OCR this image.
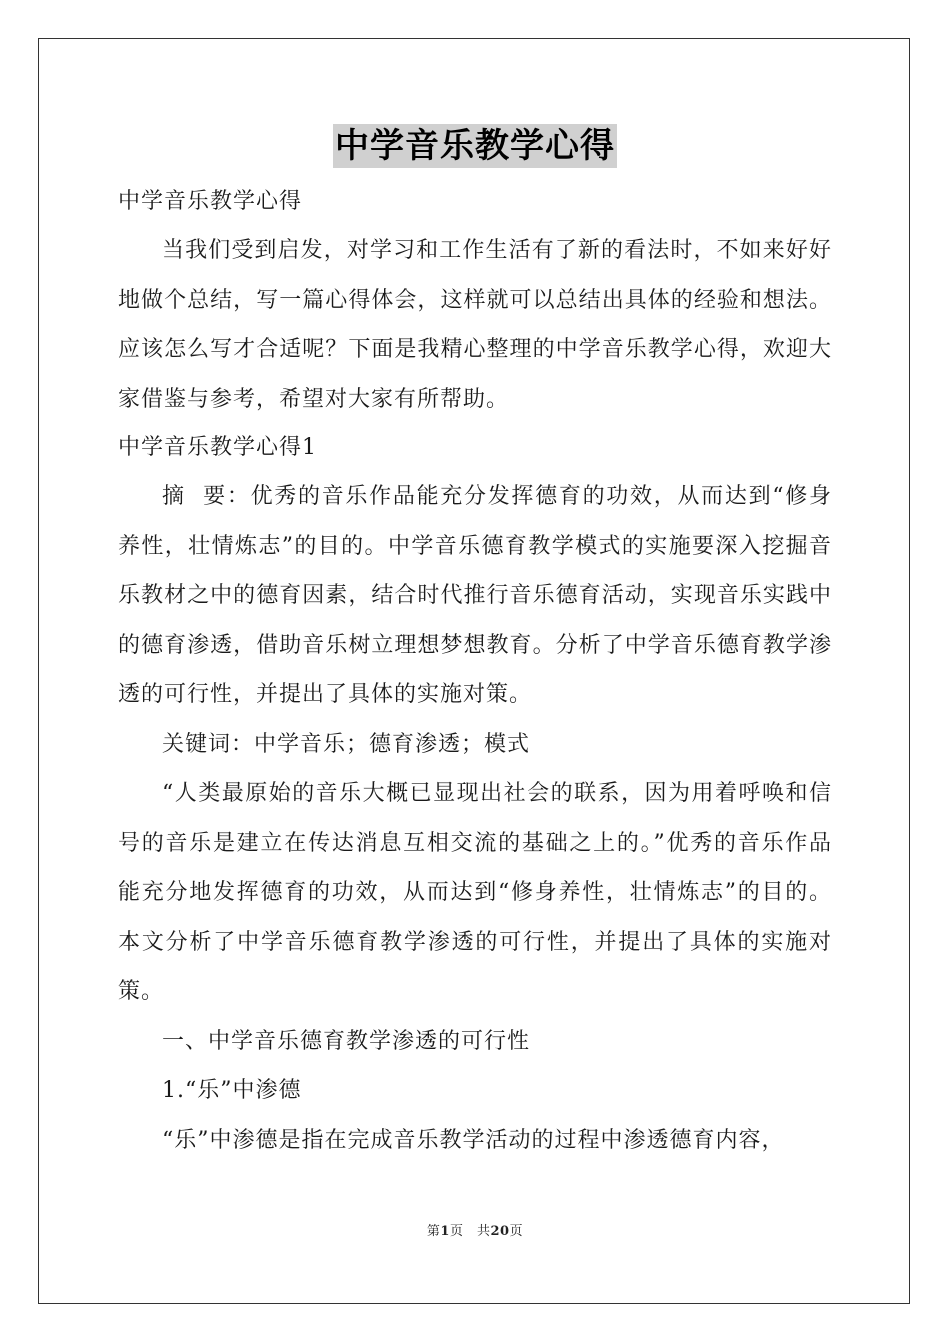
中学音乐教学心得
中学音乐教学心得
当我们受到启发，对学习和工作生活有了新的看法时，不如来好好地做个总结，写一篇心得体会，这样就可以总结出具体的经验和想法。应该怎么写才合适呢？下面是我精心整理的中学音乐教学心得，欢迎大家借鉴与参考，希望对大家有所帮助。
中学音乐教学心得1
摘  要：优秀的音乐作品能充分发挥德育的功效，从而达到“修身养性，壮情炼志”的目的。中学音乐德育教学模式的实施要深入挖掘音乐教材之中的德育因素，结合时代推行音乐德育活动，实现音乐实践中的德育渗透，借助音乐树立理想梦想教育。分析了中学音乐德育教学渗透的可行性，并提出了具体的实施对策。
关键词：中学音乐；德育渗透；模式
“人类最原始的音乐大概已显现出社会的联系，因为用着呼唤和信号的音乐是建立在传达消息互相交流的基础之上的。”优秀的音乐作品能充分地发挥德育的功效，从而达到“修身养性，壮情炼志”的目的。本文分析了中学音乐德育教学渗透的可行性，并提出了具体的实施对策。
一、中学音乐德育教学渗透的可行性
1.“乐”中渗德
“乐”中渗德是指在完成音乐教学活动的过程中渗透德育内容，
第1页　共20页
